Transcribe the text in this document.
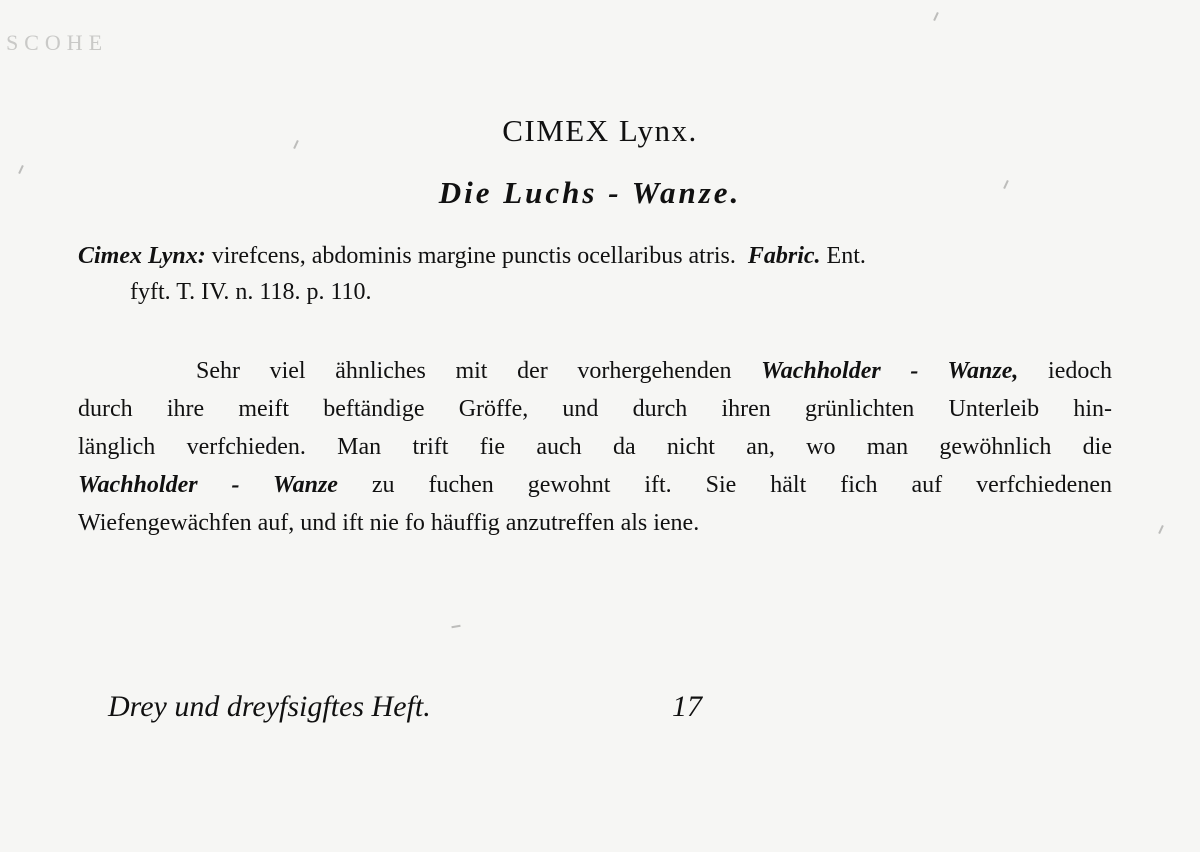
ƎHOƆƧ
CIMEX Lynx.
Die Luchs - Wanze.
Cimex Lynx: virefcens, abdominis margine punctis ocellaribus atris. Fabric. Ent.
fyft. T. IV. n. 118. p. 110.
Sehr viel ähnliches mit der vorhergehenden Wachholder - Wanze, iedoch
durch ihre meift beftändige Gröffe, und durch ihren grünlichten Unterleib hin-
länglich verfchieden. Man trift fie auch da nicht an, wo man gewöhnlich die
Wachholder - Wanze zu fuchen gewohnt ift. Sie hält fich auf verfchiedenen
Wiefengewächfen auf, und ift nie fo häuffig anzutreffen als iene.
Drey und dreyfsigftes Heft.	17
